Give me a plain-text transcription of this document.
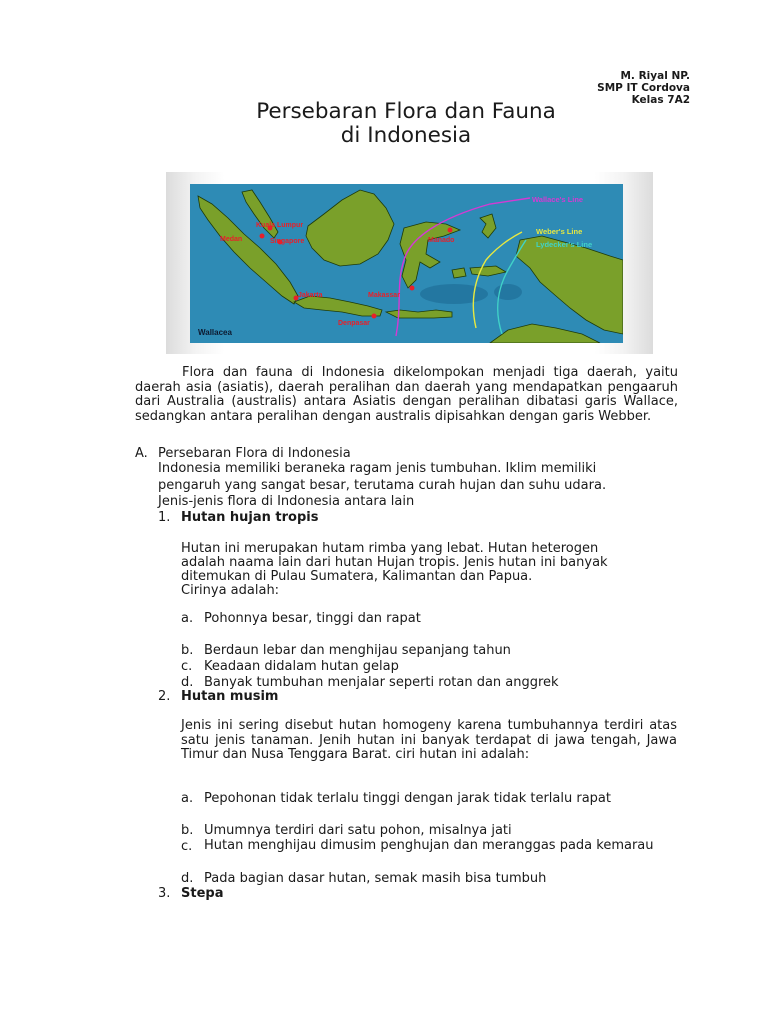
M. Riyal NP.
SMP IT Cordova
Kelas 7A2
Persebaran Flora dan Fauna
di Indonesia
Kuala Lumpur
Medan	Singapore	Manado
Jakarta	Makassar
Denpasar
Wallace's Line
Weber's Line
Lydecker's Line
Wallacea
Flora dan fauna di Indonesia dikelompokan menjadi tiga daerah, yaitu daerah asia (asiatis), daerah peralihan dan daerah yang mendapatkan pengaaruh dari Australia (australis) antara Asiatis dengan peralihan dibatasi garis Wallace, sedangkan antara peralihan dengan australis dipisahkan dengan garis Webber.
A. Persebaran Flora di Indonesia
Indonesia memiliki beraneka ragam jenis tumbuhan. Iklim memiliki
pengaruh yang sangat besar, terutama curah hujan dan suhu udara.
Jenis-jenis flora di Indonesia antara lain
1. Hutan hujan tropis
Hutan ini merupakan hutam rimba yang lebat. Hutan heterogen
adalah naama lain dari hutan Hujan tropis. Jenis hutan ini banyak
ditemukan di Pulau Sumatera, Kalimantan dan Papua.
Cirinya adalah:
a. Pohonnya besar, tinggi dan rapat
b. Berdaun lebar dan menghijau sepanjang tahun
c. Keadaan didalam hutan gelap
d. Banyak tumbuhan menjalar seperti rotan dan anggrek
2. Hutan musim
Jenis ini sering disebut hutan homogeny karena tumbuhannya terdiri atas satu jenis tanaman. Jenih hutan ini banyak terdapat di jawa tengah, Jawa Timur dan Nusa Tenggara Barat. ciri hutan ini adalah:
a. Pepohonan tidak terlalu tinggi dengan jarak tidak terlalu rapat
b. Umumnya terdiri dari satu pohon, misalnya jati
c. Hutan menghijau dimusim penghujan dan meranggas pada kemarau
d. Pada bagian dasar hutan, semak masih bisa tumbuh
3. Stepa
